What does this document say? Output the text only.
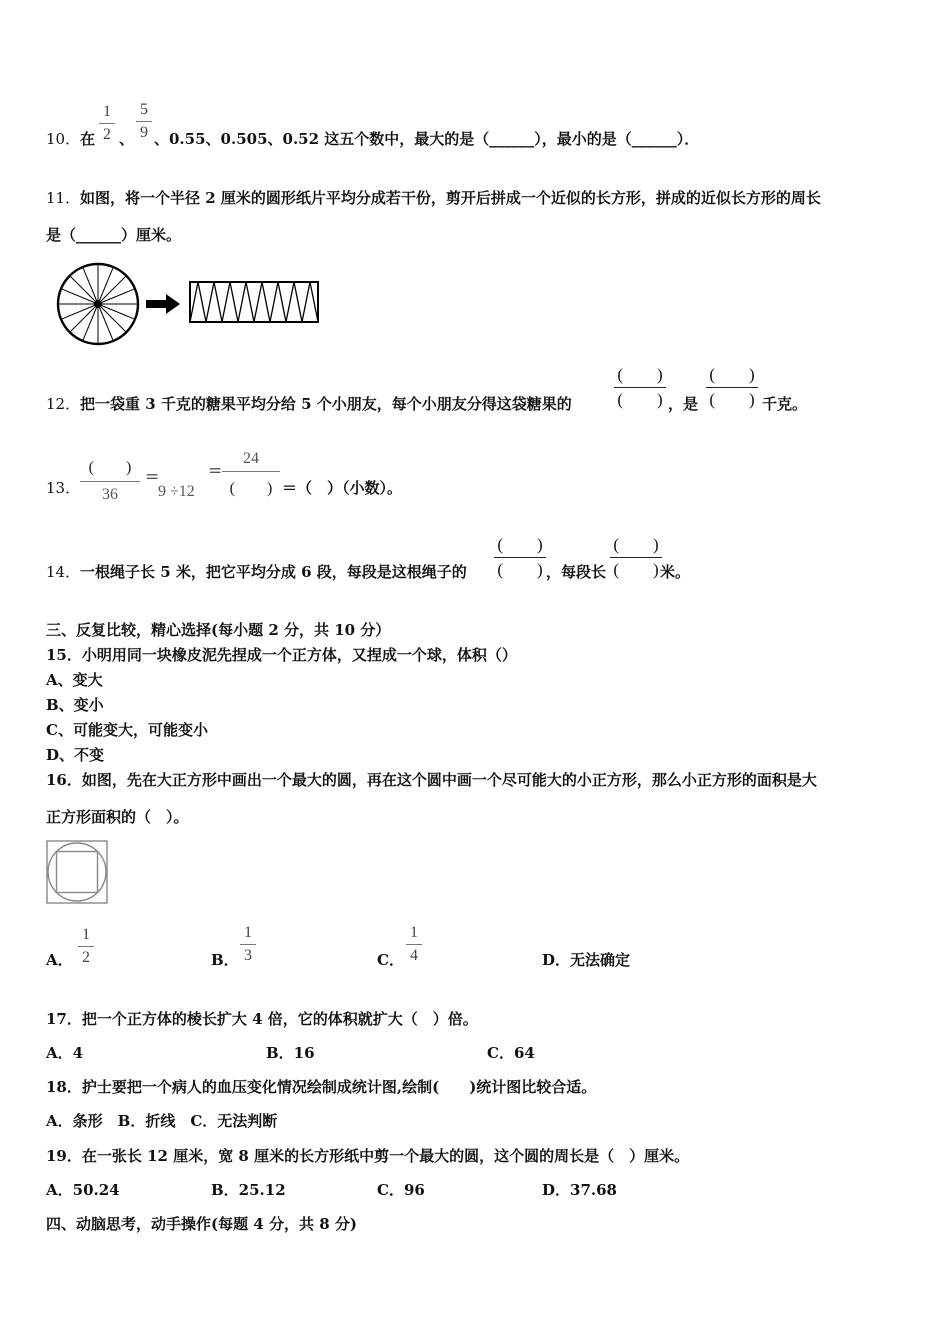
10． 在
1
2 、
5
9 、0.55、0.505、0.52 这五个数中，最大的是（______），最小的是（______）．
11． 如图，将一个半径 2 厘米的圆形纸片平均分成若干份，剪开后拼成一个近似的长方形，拼成的近似长方形的周长
是（______）厘米。
12． 把一袋重 3 千克的糖果平均分给 5 个小朋友，每个小朋友分得这袋糖果的
(　　)
(　　) ，是
(　　)
(　　) 千克。
13．
(　　)
36
=
9 ÷12
=
24
(　　) ＝（　）（小数）。
14． 一根绳子长 5 米，把它平均分成 6 段，每段是这根绳子的
(　　)
(　　) ，每段长
(　　)
(　　) 米。
三、反复比较，精心选择(每小题 2 分，共 10 分）
15．小明用同一块橡皮泥先捏成一个正方体，又捏成一个球，体积（）
A、变大
B、变小
C、可能变大，可能变小
D、不变
16．如图，先在大正方形中画出一个最大的圆，再在这个圆中画一个尽可能大的小正方形，那么小正方形的面积是大
正方形面积的（　）。
A．
1
2	B．
1
3	C．
1
4	D．无法确定
17．把一个正方体的棱长扩大 4 倍，它的体积就扩大（　）倍。
A．4	B．16	C．64
18．护士要把一个病人的血压变化情况绘制成统计图,绘制(　　)统计图比较合适。
A．条形　B．折线　C．无法判断
19．在一张长 12 厘米，宽 8 厘米的长方形纸中剪一个最大的圆，这个圆的周长是（　）厘米。
A．50.24	B．25.12	C．96	D．37.68
四、动脑思考，动手操作(每题 4 分，共 8 分)
